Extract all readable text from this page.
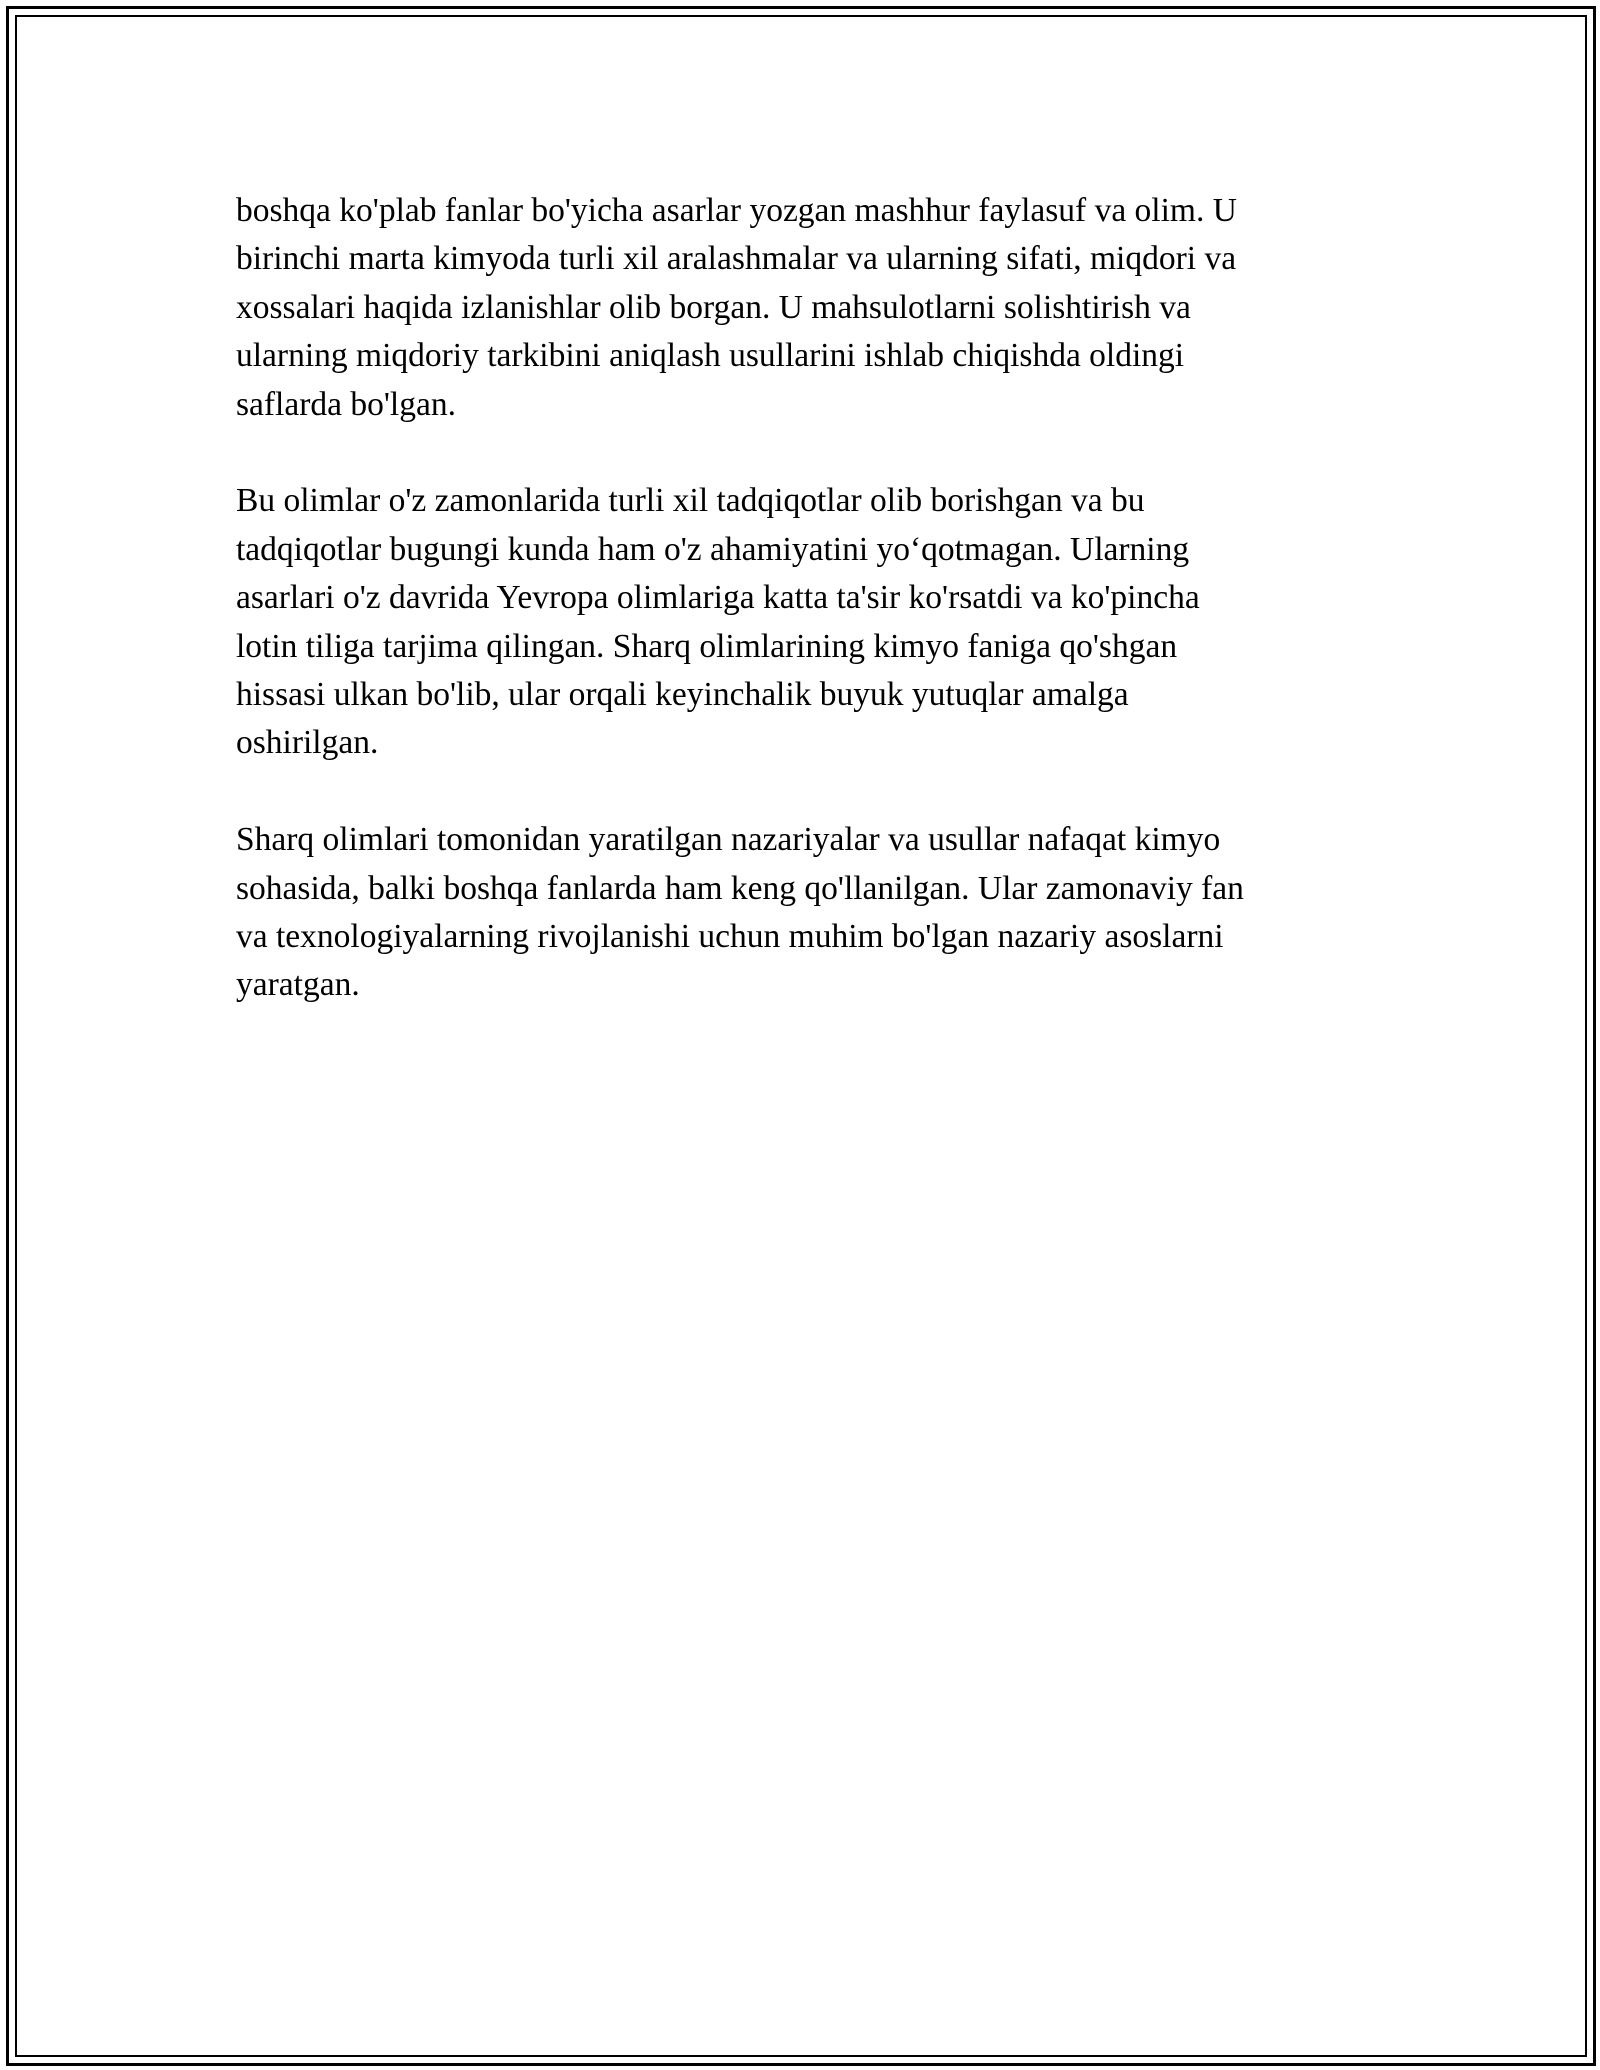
boshqa ko'plab fanlar bo'yicha asarlar yozgan mashhur faylasuf va olim. U
birinchi marta kimyoda turli xil aralashmalar va ularning sifati, miqdori va
xossalari haqida izlanishlar olib borgan. U mahsulotlarni solishtirish va
ularning miqdoriy tarkibini aniqlash usullarini ishlab chiqishda oldingi
saflarda bo'lgan.

Bu olimlar o'z zamonlarida turli xil tadqiqotlar olib borishgan va bu
tadqiqotlar bugungi kunda ham o'z ahamiyatini yo‘qotmagan. Ularning
asarlari o'z davrida Yevropa olimlariga katta ta'sir ko'rsatdi va ko'pincha
lotin tiliga tarjima qilingan. Sharq olimlarining kimyo faniga qo'shgan
hissasi ulkan bo'lib, ular orqali keyinchalik buyuk yutuqlar amalga
oshirilgan.

Sharq olimlari tomonidan yaratilgan nazariyalar va usullar nafaqat kimyo
sohasida, balki boshqa fanlarda ham keng qo'llanilgan. Ular zamonaviy fan
va texnologiyalarning rivojlanishi uchun muhim bo'lgan nazariy asoslarni
yaratgan.
